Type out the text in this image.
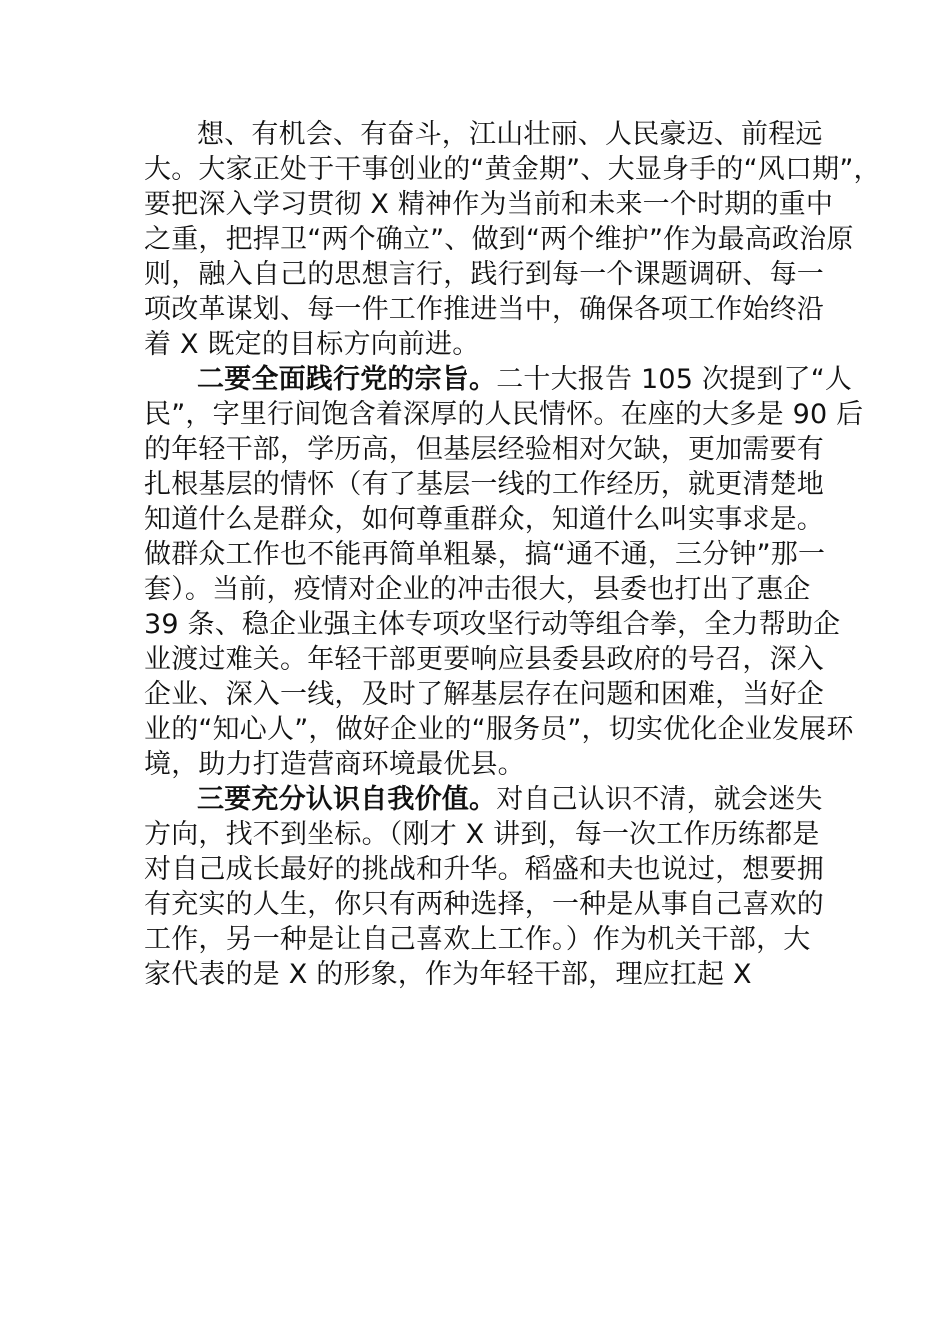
想、有机会、有奋斗，江山壮丽、人民豪迈、前程远
大。大家正处于干事创业的“黄金期”、大显身手的“风口期”，
要把深入学习贯彻 X 精神作为当前和未来一个时期的重中
之重，把捍卫“两个确立”、做到“两个维护”作为最高政治原
则，融入自己的思想言行，践行到每一个课题调研、每一
项改革谋划、每一件工作推进当中，确保各项工作始终沿
着 X 既定的目标方向前进。
二要全面践行党的宗旨。二十大报告 105 次提到了“人
民”，字里行间饱含着深厚的人民情怀。在座的大多是 90 后
的年轻干部，学历高，但基层经验相对欠缺，更加需要有
扎根基层的情怀（有了基层一线的工作经历，就更清楚地
知道什么是群众，如何尊重群众，知道什么叫实事求是。
做群众工作也不能再简单粗暴，搞“通不通，三分钟”那一
套）。当前，疫情对企业的冲击很大，县委也打出了惠企
39 条、稳企业强主体专项攻坚行动等组合拳，全力帮助企
业渡过难关。年轻干部更要响应县委县政府的号召，深入
企业、深入一线，及时了解基层存在问题和困难，当好企
业的“知心人”，做好企业的“服务员”，切实优化企业发展环
境，助力打造营商环境最优县。
三要充分认识自我价值。对自己认识不清，就会迷失
方向，找不到坐标。（刚才 X 讲到，每一次工作历练都是
对自己成长最好的挑战和升华。稻盛和夫也说过，想要拥
有充实的人生，你只有两种选择，一种是从事自己喜欢的
工作，另一种是让自己喜欢上工作。）作为机关干部，大
家代表的是 X 的形象，作为年轻干部，理应扛起 X
